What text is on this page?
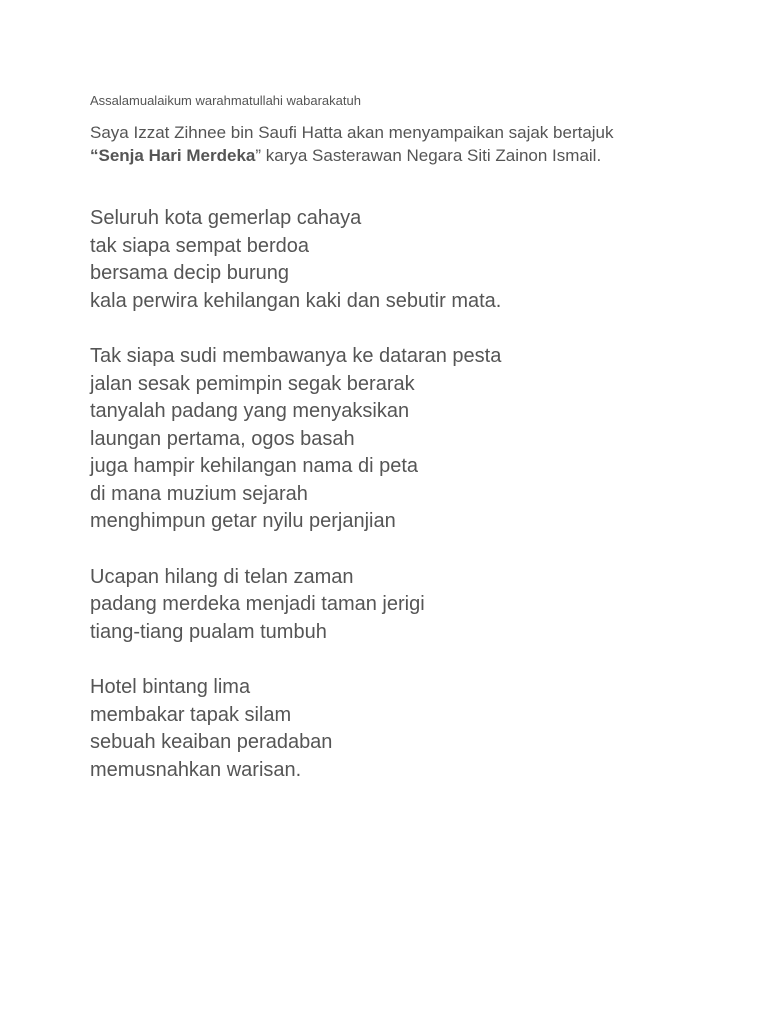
Assalamualaikum warahmatullahi wabarakatuh

Saya Izzat Zihnee bin Saufi Hatta akan menyampaikan sajak bertajuk
“Senja Hari Merdeka” karya Sasterawan Negara Siti Zainon Ismail.

Seluruh kota gemerlap cahaya
tak siapa sempat berdoa
bersama decip burung
kala perwira kehilangan kaki dan sebutir mata.
Tak siapa sudi membawanya ke dataran pesta
jalan sesak pemimpin segak berarak
tanyalah padang yang menyaksikan
laungan pertama, ogos basah
juga hampir kehilangan nama di peta
di mana muzium sejarah
menghimpun getar nyilu perjanjian
Ucapan hilang di telan zaman
padang merdeka menjadi taman jerigi
tiang-tiang pualam tumbuh
Hotel bintang lima
membakar tapak silam
sebuah keaiban peradaban
memusnahkan warisan.
